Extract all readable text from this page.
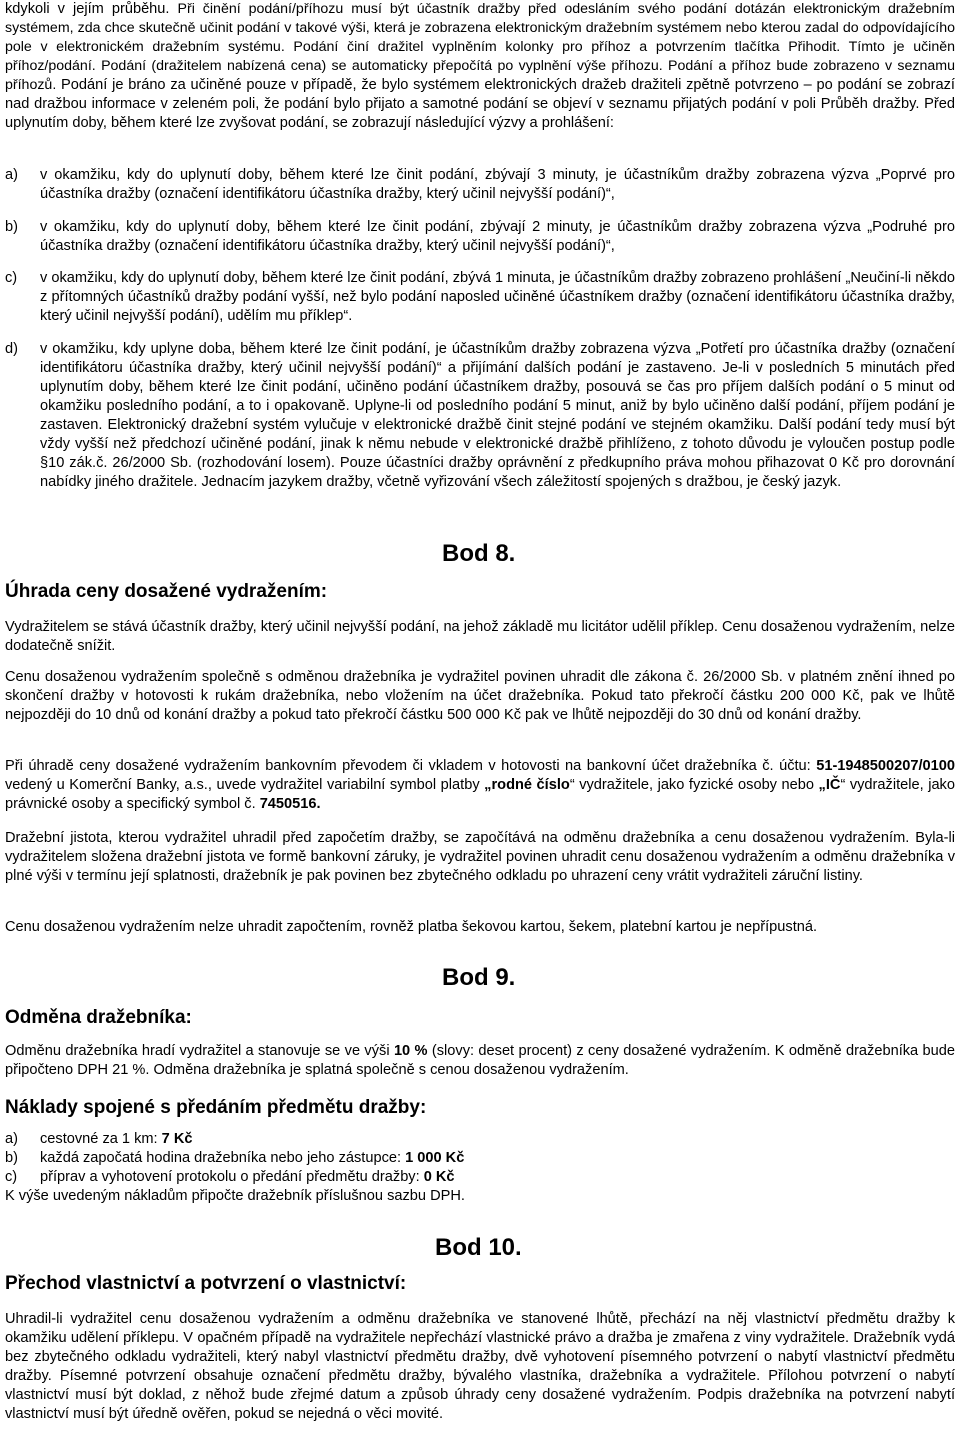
kdykoli v jejím průběhu. Při činění podání/příhozu musí být účastník dražby před odesláním svého podání dotázán elektronickým dražebním systémem, zda chce skutečně učinit podání v takové výši, která je zobrazena elektronickým dražebním systémem nebo kterou zadal do odpovídajícího pole v elektronickém dražebním systému. Podání činí dražitel vyplněním kolonky pro příhoz a potvrzením tlačítka Přihodit. Tímto je učiněn příhoz/podání. Podání (dražitelem nabízená cena) se automaticky přepočítá po vyplnění výše příhozu. Podání a příhoz bude zobrazeno v seznamu příhozů. Podání je bráno za učiněné pouze v případě, že bylo systémem elektronických dražeb dražiteli zpětně potvrzeno – po podání se zobrazí nad dražbou informace v zeleném poli, že podání bylo přijato a samotné podání se objeví v seznamu přijatých podání v poli Průběh dražby. Před uplynutím doby, během které lze zvyšovat podání, se zobrazují následující výzvy a prohlášení:

a) v okamžiku, kdy do uplynutí doby, během které lze činit podání, zbývají 3 minuty, je účastníkům dražby zobrazena výzva „Poprvé pro účastníka dražby (označení identifikátoru účastníka dražby, který učinil nejvyšší podání)“,

b) v okamžiku, kdy do uplynutí doby, během které lze činit podání, zbývají 2 minuty, je účastníkům dražby zobrazena výzva „Podruhé pro účastníka dražby (označení identifikátoru účastníka dražby, který učinil nejvyšší podání)“,

c) v okamžiku, kdy do uplynutí doby, během které lze činit podání, zbývá 1 minuta, je účastníkům dražby zobrazeno prohlášení „Neučiní-li někdo z přítomných účastníků dražby podání vyšší, než bylo podání naposled učiněné účastníkem dražby (označení identifikátoru účastníka dražby, který učinil nejvyšší podání), udělím mu příklep“.

d) v okamžiku, kdy uplyne doba, během které lze činit podání, je účastníkům dražby zobrazena výzva „Potřetí pro účastníka dražby (označení identifikátoru účastníka dražby, který učinil nejvyšší podání)“ a přijímání dalších podání je zastaveno. Je-li v posledních 5 minutách před uplynutím doby, během které lze činit podání, učiněno podání účastníkem dražby, posouvá se čas pro příjem dalších podání o 5 minut od okamžiku posledního podání, a to i opakovaně. Uplyne-li od posledního podání 5 minut, aniž by bylo učiněno další podání, příjem podání je zastaven. Elektronický dražební systém vylučuje v elektronické dražbě činit stejné podání ve stejném okamžiku. Další podání tedy musí být vždy vyšší než předchozí učiněné podání, jinak k němu nebude v elektronické dražbě přihlíženo, z tohoto důvodu je vyloučen postup podle §10 zák.č. 26/2000 Sb. (rozhodování losem). Pouze účastníci dražby oprávnění z předkupního práva mohou přihazovat 0 Kč pro dorovnání nabídky jiného dražitele. Jednacím jazykem dražby, včetně vyřizování všech záležitostí spojených s dražbou, je český jazyk.

Bod 8.
Úhrada ceny dosažené vydražením:

Vydražitelem se stává účastník dražby, který učinil nejvyšší podání, na jehož základě mu licitátor udělil příklep. Cenu dosaženou vydražením, nelze dodatečně snížit.

Cenu dosaženou vydražením společně s odměnou dražebníka je vydražitel povinen uhradit dle zákona č. 26/2000 Sb. v platném znění ihned po skončení dražby v hotovosti k rukám dražebníka, nebo vložením na účet dražebníka. Pokud tato překročí částku 200 000 Kč, pak ve lhůtě nejpozději do 10 dnů od konání dražby a pokud tato překročí částku 500 000 Kč pak ve lhůtě nejpozději do 30 dnů od konání dražby.

Při úhradě ceny dosažené vydražením bankovním převodem či vkladem v hotovosti na bankovní účet dražebníka č. účtu: 51-1948500207/0100 vedený u Komerční Banky, a.s., uvede vydražitel variabilní symbol platby „rodné číslo“ vydražitele, jako fyzické osoby nebo „IČ“ vydražitele, jako právnické osoby a specifický symbol č. 7450516.

Dražební jistota, kterou vydražitel uhradil před započetím dražby, se započítává na odměnu dražebníka a cenu dosaženou vydražením. Byla-li vydražitelem složena dražební jistota ve formě bankovní záruky, je vydražitel povinen uhradit cenu dosaženou vydražením a odměnu dražebníka v plné výši v termínu její splatnosti, dražebník je pak povinen bez zbytečného odkladu po uhrazení ceny vrátit vydražiteli záruční listiny.

Cenu dosaženou vydražením nelze uhradit započtením, rovněž platba šekovou kartou, šekem, platební kartou je nepřípustná.

Bod 9.
Odměna dražebníka:

Odměnu dražebníka hradí vydražitel a stanovuje se ve výši 10 % (slovy: deset procent) z ceny dosažené vydražením. K odměně dražebníka bude připočteno DPH 21 %. Odměna dražebníka je splatná společně s cenou dosaženou vydražením.

Náklady spojené s předáním předmětu dražby:
a) cestovné za 1 km: 7 Kč
b) každá započatá hodina dražebníka nebo jeho zástupce: 1 000 Kč
c) příprav a vyhotovení protokolu o předání předmětu dražby: 0 Kč
K výše uvedeným nákladům připočte dražebník příslušnou sazbu DPH.
Bod 10.
Přechod vlastnictví a potvrzení o vlastnictví:

Uhradil-li vydražitel cenu dosaženou vydražením a odměnu dražebníka ve stanovené lhůtě, přechází na něj vlastnictví předmětu dražby k okamžiku udělení příklepu. V opačném případě na vydražitele nepřechází vlastnické právo a dražba je zmařena z viny vydražitele. Dražebník vydá bez zbytečného odkladu vydražiteli, který nabyl vlastnictví předmětu dražby, dvě vyhotovení písemného potvrzení o nabytí vlastnictví předmětu dražby. Písemné potvrzení obsahuje označení předmětu dražby, bývalého vlastníka, dražebníka a vydražitele. Přílohou potvrzení o nabytí vlastnictví musí být doklad, z něhož bude zřejmé datum a způsob úhrady ceny dosažené vydražením. Podpis dražebníka na potvrzení nabytí vlastnictví musí být úředně ověřen, pokud se nejedná o věci movité.
